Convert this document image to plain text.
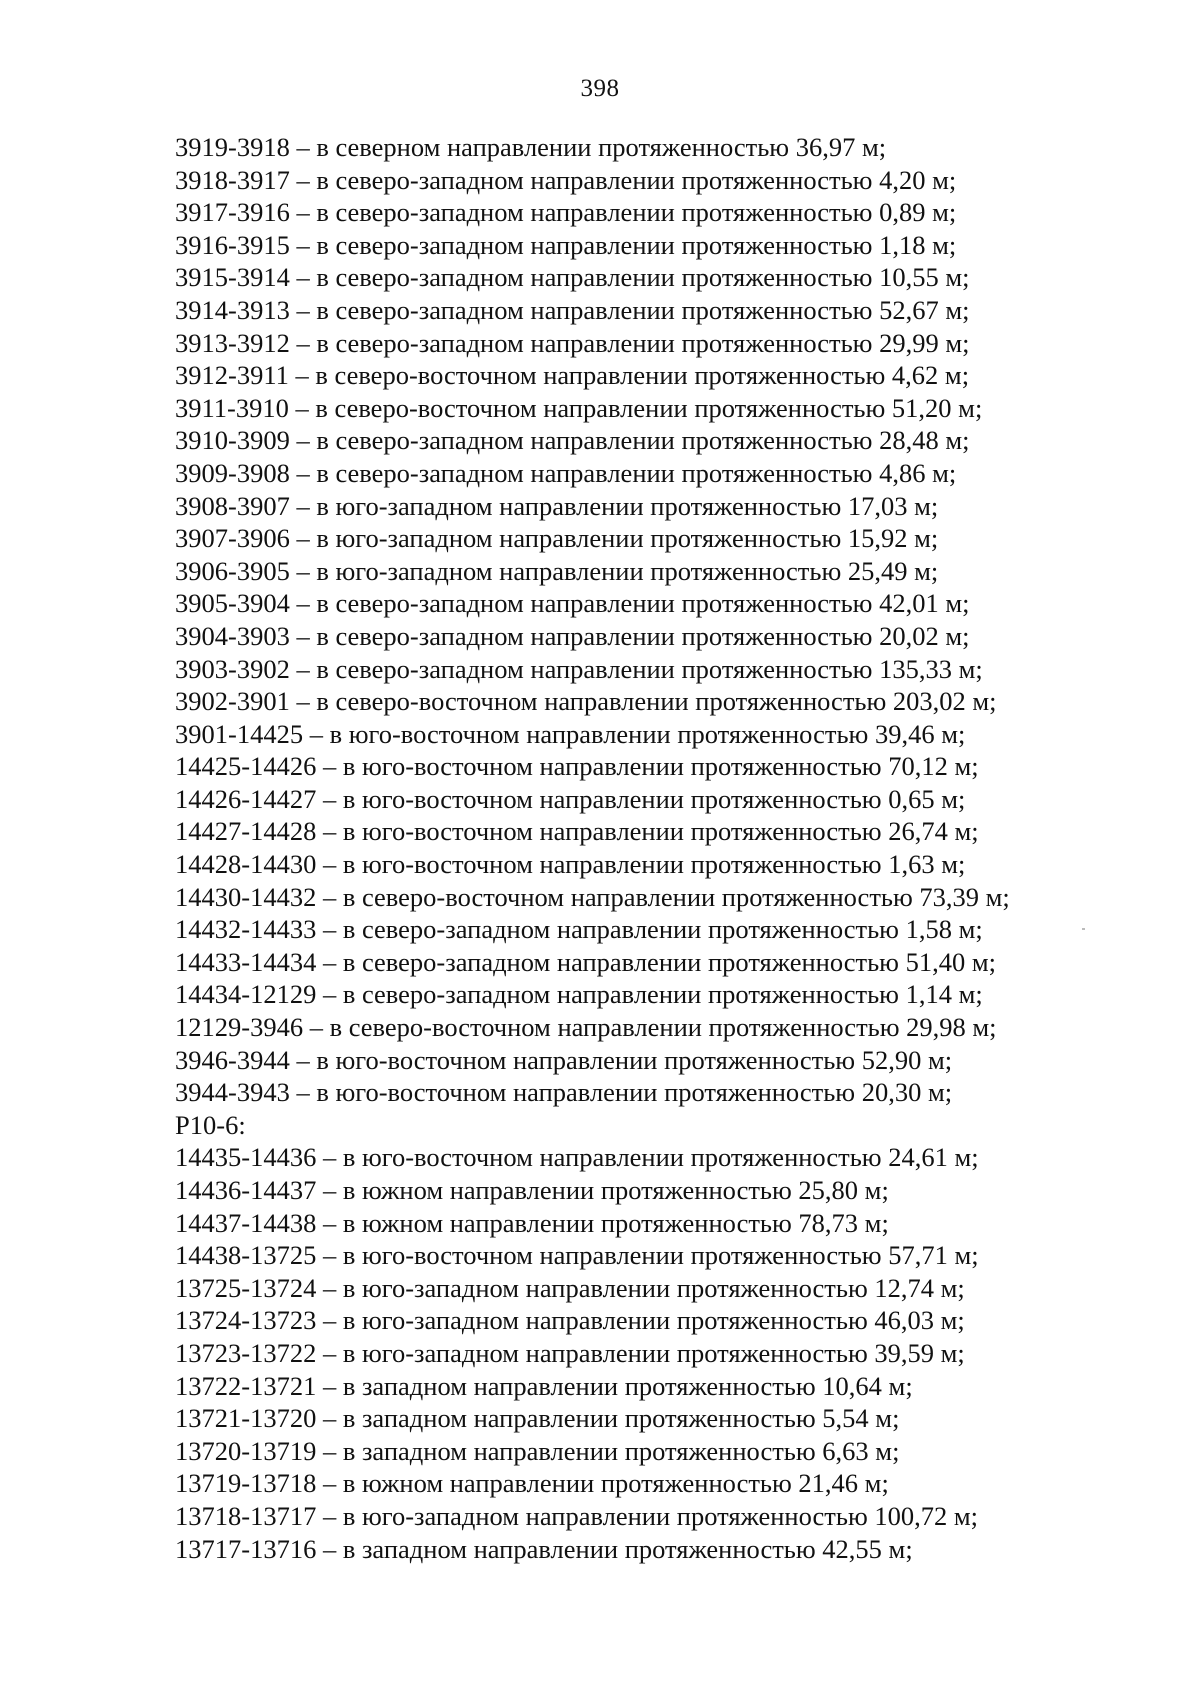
398
3919-3918 – в северном направлении протяженностью 36,97 м;
3918-3917 – в северо-западном направлении протяженностью 4,20 м;
3917-3916 – в северо-западном направлении протяженностью 0,89 м;
3916-3915 – в северо-западном направлении протяженностью 1,18 м;
3915-3914 – в северо-западном направлении протяженностью 10,55 м;
3914-3913 – в северо-западном направлении протяженностью 52,67 м;
3913-3912 – в северо-западном направлении протяженностью 29,99 м;
3912-3911 – в северо-восточном направлении протяженностью 4,62 м;
3911-3910 – в северо-восточном направлении протяженностью 51,20 м;
3910-3909 – в северо-западном направлении протяженностью 28,48 м;
3909-3908 – в северо-западном направлении протяженностью 4,86 м;
3908-3907 – в юго-западном направлении протяженностью 17,03 м;
3907-3906 – в юго-западном направлении протяженностью 15,92 м;
3906-3905 – в юго-западном направлении протяженностью 25,49 м;
3905-3904 – в северо-западном направлении протяженностью 42,01 м;
3904-3903 – в северо-западном направлении протяженностью 20,02 м;
3903-3902 – в северо-западном направлении протяженностью 135,33 м;
3902-3901 – в северо-восточном направлении протяженностью 203,02 м;
3901-14425 – в юго-восточном направлении протяженностью 39,46 м;
14425-14426 – в юго-восточном направлении протяженностью 70,12 м;
14426-14427 – в юго-восточном направлении протяженностью 0,65 м;
14427-14428 – в юго-восточном направлении протяженностью 26,74 м;
14428-14430 – в юго-восточном направлении протяженностью 1,63 м;
14430-14432 – в северо-восточном направлении протяженностью 73,39 м;
14432-14433 – в северо-западном направлении протяженностью 1,58 м;
14433-14434 – в северо-западном направлении протяженностью 51,40 м;
14434-12129 – в северо-западном направлении протяженностью 1,14 м;
12129-3946 – в северо-восточном направлении протяженностью 29,98 м;
3946-3944 – в юго-восточном направлении протяженностью 52,90 м;
3944-3943 – в юго-восточном направлении протяженностью 20,30 м;
Р10-6:
14435-14436 – в юго-восточном направлении протяженностью 24,61 м;
14436-14437 – в южном направлении протяженностью 25,80 м;
14437-14438 – в южном направлении протяженностью 78,73 м;
14438-13725 – в юго-восточном направлении протяженностью 57,71 м;
13725-13724 – в юго-западном направлении протяженностью 12,74 м;
13724-13723 – в юго-западном направлении протяженностью 46,03 м;
13723-13722 – в юго-западном направлении протяженностью 39,59 м;
13722-13721 – в западном направлении протяженностью 10,64 м;
13721-13720 – в западном направлении протяженностью 5,54 м;
13720-13719 – в западном направлении протяженностью 6,63 м;
13719-13718 – в южном направлении протяженностью 21,46 м;
13718-13717 – в юго-западном направлении протяженностью 100,72 м;
13717-13716 – в западном направлении протяженностью 42,55 м;
